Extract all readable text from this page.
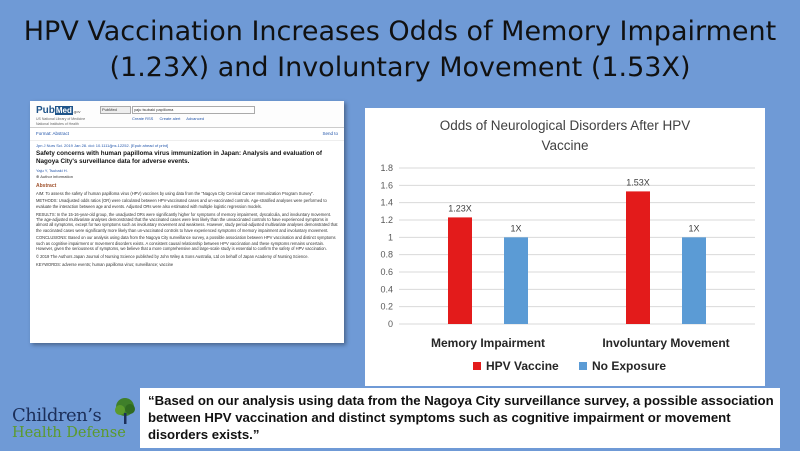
HPV Vaccination Increases Odds of Memory Impairment
(1.23X) and Involuntary Movement (1.53X)
PubMed.gov
US National Library of Medicine National Institutes of Health
PubMed	yaju tsubaki papilloma
Create RSS Create alert Advanced
Format: Abstract	Send to
Jpn J Nurs Sci. 2019 Jan 28. doi: 10.1111/jjns.12252. [Epub ahead of print]
Safety concerns with human papilloma virus immunization in Japan: Analysis and evaluation of Nagoya City's surveillance data for adverse events.
Yaju Y, Tsubaki H.
⊕ Author information
Abstract

AIM: To assess the safety of human papilloma virus (HPV) vaccines by using data from the "Nagoya City Cervical Cancer Immunization Program Survey".

METHODS: Unadjusted odds ratios (OR) were calculated between HPV-vaccinated cases and un-vaccinated controls. Age-stratified analyses were performed to evaluate the interaction between age and events. Adjusted ORs were also estimated with multiple logistic regression models.

RESULTS: In the 15-16-year-old group, the unadjusted ORs were significantly higher for symptoms of memory impairment, dyscalculia, and involuntary movement. The age-adjusted multivariate analyses demonstrated that the vaccinated cases were less likely than the unvaccinated controls to have experienced symptoms in almost all symptoms, except for two symptoms such as involuntary movement and weakness. However, study period-adjusted multivariate analyses demonstrated that the vaccinated cases were significantly more likely than un-vaccinated controls to have experienced symptoms of memory impairment and involuntary movement.

CONCLUSIONS: Based on our analysis using data from the Nagoya City surveillance survey, a possible association between HPV vaccination and distinct symptoms such as cognitive impairment or movement disorders exists. A consistent causal relationship between HPV vaccination and these symptoms remains uncertain. However, given the seriousness of symptoms, we believe that a more comprehensive and large-scale study is essential to confirm the safety of HPV vaccination.

© 2019 The Authors Japan Journal of Nursing Science published by John Wiley & Sons Australia, Ltd on behalf of Japan Academy of Nursing Science.

KEYWORDS: adverse events; human papilloma virus; surveillance; vaccine

Odds of Neurological Disorders After HPV
Vaccine
0
0.2
0.4
0.6
0.8
1
1.2
1.4
1.6
1.8
1.23X
1X
Memory Impairment
1.53X
1X
Involuntary Movement
HPV Vaccine	No Exposure
“Based on our analysis using data from the Nagoya City surveillance survey, a possible association between HPV vaccination and distinct symptoms such as cognitive impairment or movement disorders exists.”
Children’s
Health Defense
